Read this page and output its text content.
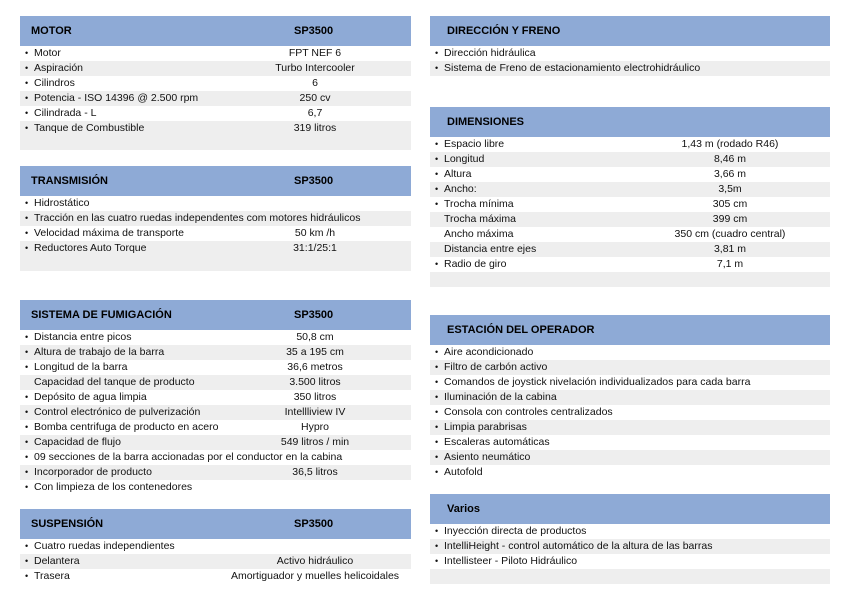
MOTOR	SP3500
• Motor	FPT NEF 6
• Aspiración	Turbo Intercooler
• Cilindros	6
• Potencia - ISO 14396 @ 2.500 rpm	250 cv
• Cilindrada - L	6,7
• Tanque de Combustible	319 litros
TRANSMISIÓN	SP3500
• Hidrostático
• Tracción en las cuatro ruedas independentes com motores hidráulicos
• Velocidad máxima de transporte	50 km /h
• Reductores Auto Torque	31:1/25:1
SISTEMA DE FUMIGACIÓN	SP3500
• Distancia entre picos	50,8 cm
• Altura de trabajo de la barra	35 a 195 cm
• Longitud de la barra	36,6 metros
Capacidad del tanque de producto	3.500 litros
• Depósito de agua limpia	350 litros
• Control electrónico de pulverización	Intellliview IV
• Bomba centrifuga de producto en acero	Hypro
• Capacidad de flujo	549 litros / min
• 09 secciones de la barra accionadas por el conductor en la cabina
• Incorporador de producto	36,5 litros
• Con limpieza de los contenedores
SUSPENSIÓN	SP3500
• Cuatro ruedas independientes
• Delantera	Activo hidráulico
• Trasera	Amortiguador y muelles helicoidales
DIRECCIÓN Y FRENO
• Dirección hidráulica
• Sistema de Freno de estacionamiento electrohidráulico
DIMENSIONES
• Espacio libre	1,43 m (rodado R46)
• Longitud	8,46 m
• Altura	3,66 m
• Ancho:	3,5m
• Trocha mínima	305 cm
Trocha máxima	399 cm
Ancho máxima	350 cm (cuadro central)
Distancia entre ejes	3,81 m
• Radio de giro	7,1 m
ESTACIÓN DEL OPERADOR
• Aire acondicionado
• Filtro de carbón activo
• Comandos de joystick nivelación individualizados para cada barra
• Iluminación de la cabina
• Consola con controles centralizados
• Limpia parabrisas
• Escaleras automáticas
• Asiento neumático
• Autofold
Varios
• Inyección directa de productos
• IntelliHeight - control automático de la altura de las barras
• Intellisteer - Piloto Hidráulico
